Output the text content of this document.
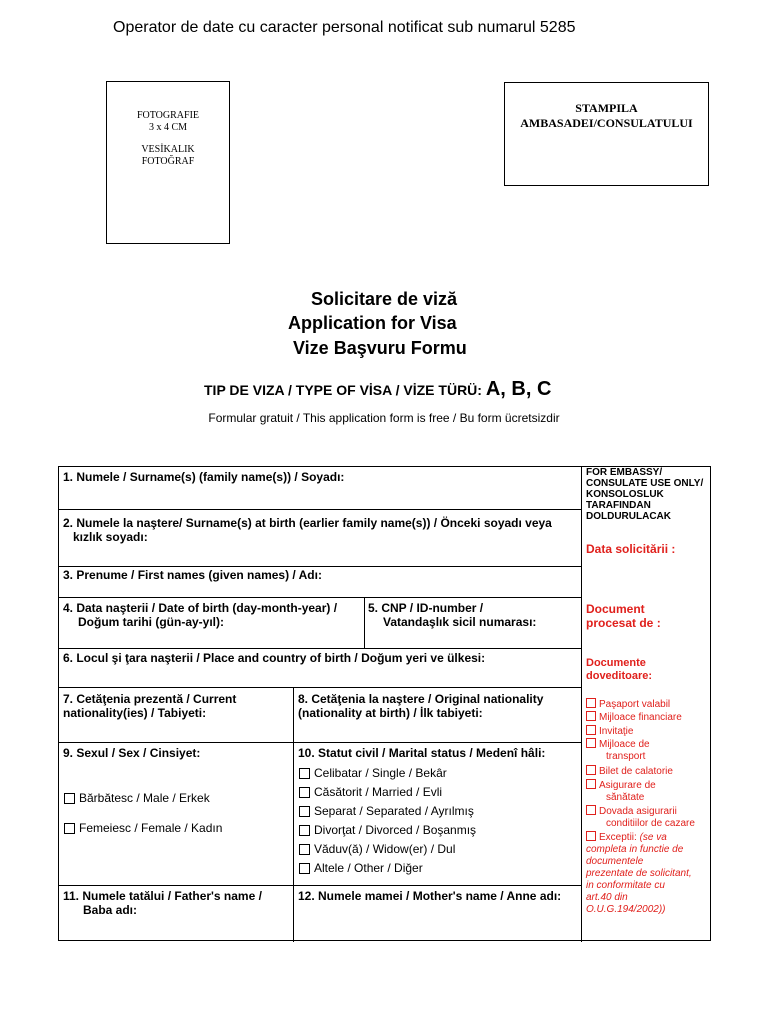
Operator de date cu caracter personal notificat sub numarul 5285
FOTOGRAFIE
3 x 4 CM
VESİKALIK
FOTOĞRAF
STAMPILA
AMBASADEI/CONSULATULUI
Solicitare de viză
Application for Visa
Vize Başvuru Formu
TIP DE VIZA / TYPE OF VİSA / VİZE TÜRÜ: A, B, C
Formular gratuit / This application form is free / Bu form ücretsizdir
1. Numele / Surname(s) (family name(s)) / Soyadı:
2. Numele la naştere/ Surname(s) at birth (earlier family name(s)) / Önceki soyadı veya
kızlık soyadı:
3. Prenume / First names (given names) / Adı:
4. Data naşterii / Date of birth (day-month-year) /
Doğum tarihi (gün-ay-yıl):
5. CNP / ID-number /
Vatandaşlık sicil numarası:
6. Locul şi ţara naşterii / Place and country of birth / Doğum yeri ve ülkesi:
7. Cetăţenia prezentă / Current
nationality(ies) / Tabiyeti:
8. Cetăţenia la naştere / Original nationality
(nationality at birth) / İlk tabiyeti:
9. Sexul / Sex / Cinsiyet:
Bărbătesc / Male / Erkek
Femeiesc / Female / Kadın
10. Statut civil / Marital status / Medenî hâli:
Celibatar / Single / Bekâr
Căsătorit / Married / Evli
Separat / Separated / Ayrılmış
Divorţat / Divorced / Boşanmış
Văduv(ă) / Widow(er) / Dul
Altele / Other / Diğer
11. Numele tatălui / Father's name /
Baba adı:
12. Numele mamei / Mother's name / Anne adı:
FOR EMBASSY/
CONSULATE USE ONLY/
KONSOLOSLUK
TARAFINDAN
DOLDURULACAK
Data solicitării :
Document
procesat de :
Documente
doveditoare:
Paşaport valabil
Mijloace financiare
Invitaţie
Mijloace de
transport
Bilet de calatorie
Asigurare de
sănătate
Dovada asigurarii
conditiilor de cazare
Exceptii: (se va
completa in functie de
documentele
prezentate de solicitant,
in conformitate cu
art.40 din
O.U.G.194/2002))
